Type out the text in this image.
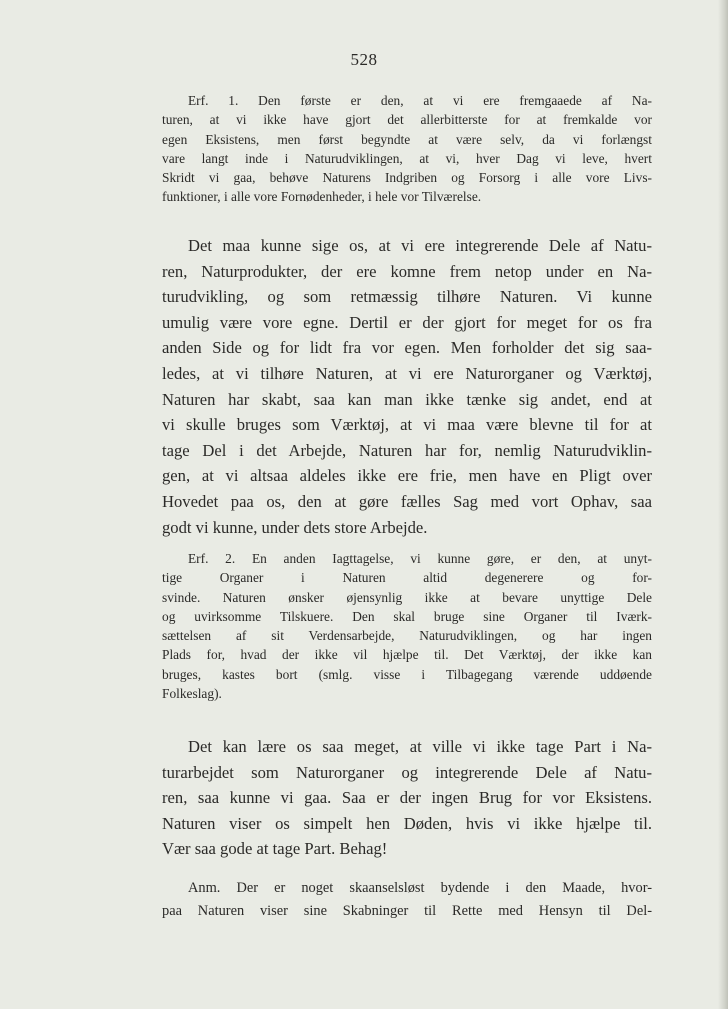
528

Erf. 1. Den første er den, at vi ere fremgaaede af Na-
turen, at vi ikke have gjort det allerbitterste for at fremkalde vor
egen Eksistens, men først begyndte at være selv, da vi forlængst
vare langt inde i Naturudviklingen, at vi, hver Dag vi leve, hvert
Skridt vi gaa, behøve Naturens Indgriben og Forsorg i alle vore Livs-
funktioner, i alle vore Fornødenheder, i hele vor Tilværelse.

Det maa kunne sige os, at vi ere integrerende Dele af Natu-
ren, Naturprodukter, der ere komne frem netop under en Na-
turudvikling, og som retmæssig tilhøre Naturen. Vi kunne
umulig være vore egne. Dertil er der gjort for meget for os fra
anden Side og for lidt fra vor egen. Men forholder det sig saa-
ledes, at vi tilhøre Naturen, at vi ere Naturorganer og Værktøj,
Naturen har skabt, saa kan man ikke tænke sig andet, end at
vi skulle bruges som Værktøj, at vi maa være blevne til for at
tage Del i det Arbejde, Naturen har for, nemlig Naturudviklin-
gen, at vi altsaa aldeles ikke ere frie, men have en Pligt over
Hovedet paa os, den at gøre fælles Sag med vort Ophav, saa
godt vi kunne, under dets store Arbejde.

Erf. 2. En anden Iagttagelse, vi kunne gøre, er den, at unyt-
tige Organer i Naturen altid degenerere og for-
svinde. Naturen ønsker øjensynlig ikke at bevare unyttige Dele
og uvirksomme Tilskuere. Den skal bruge sine Organer til Iværk-
sættelsen af sit Verdensarbejde, Naturudviklingen, og har ingen
Plads for, hvad der ikke vil hjælpe til. Det Værktøj, der ikke kan
bruges, kastes bort (smlg. visse i Tilbagegang værende uddøende
Folkeslag).

Det kan lære os saa meget, at ville vi ikke tage Part i Na-
turarbejdet som Naturorganer og integrerende Dele af Natu-
ren, saa kunne vi gaa. Saa er der ingen Brug for vor Eksistens.
Naturen viser os simpelt hen Døden, hvis vi ikke hjælpe til.
Vær saa gode at tage Part. Behag!

Anm. Der er noget skaanselsløst bydende i den Maade, hvor-
paa Naturen viser sine Skabninger til Rette med Hensyn til Del-
